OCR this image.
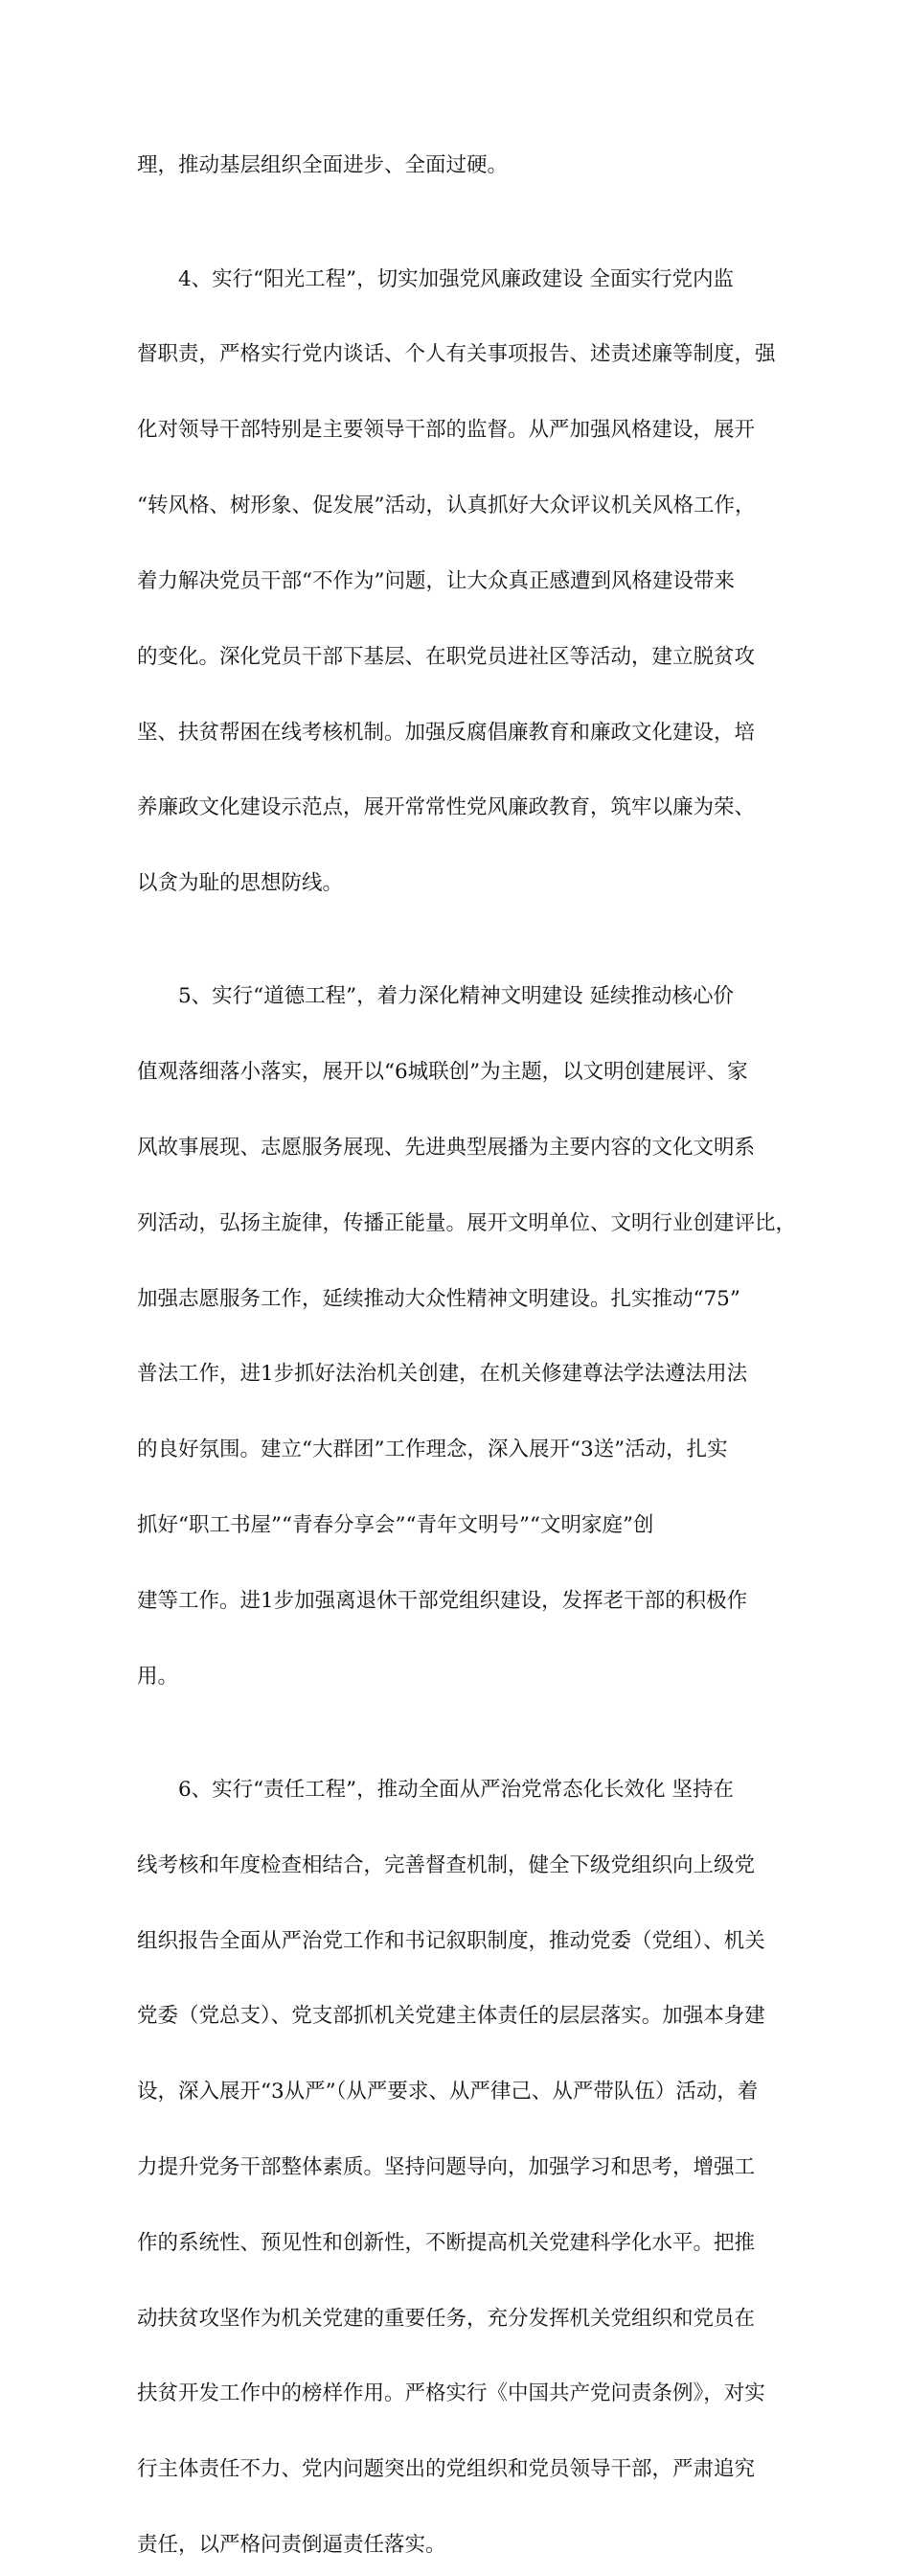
理，推动基层组织全面进步、全面过硬。

　　4、实行“阳光工程”，切实加强党风廉政建设 全面实行党内监

督职责，严格实行党内谈话、个人有关事项报告、述责述廉等制度，强

化对领导干部特别是主要领导干部的监督。从严加强风格建设，展开

“转风格、树形象、促发展”活动，认真抓好大众评议机关风格工作，

着力解决党员干部“不作为”问题，让大众真正感遭到风格建设带来

的变化。深化党员干部下基层、在职党员进社区等活动，建立脱贫攻

坚、扶贫帮困在线考核机制。加强反腐倡廉教育和廉政文化建设，培

养廉政文化建设示范点，展开常常性党风廉政教育，筑牢以廉为荣、

以贪为耻的思想防线。

　　5、实行“道德工程”，着力深化精神文明建设 延续推动核心价

值观落细落小落实，展开以“6城联创”为主题，以文明创建展评、家

风故事展现、志愿服务展现、先进典型展播为主要内容的文化文明系

列活动，弘扬主旋律，传播正能量。展开文明单位、文明行业创建评比，

加强志愿服务工作，延续推动大众性精神文明建设。扎实推动“75”

普法工作，进1步抓好法治机关创建，在机关修建尊法学法遵法用法

的良好氛围。建立“大群团”工作理念，深入展开“3送”活动，扎实

抓好“职工书屋”“青春分享会”“青年文明号”“文明家庭”创

建等工作。进1步加强离退休干部党组织建设，发挥老干部的积极作

用。

　　6、实行“责任工程”，推动全面从严治党常态化长效化 坚持在

线考核和年度检查相结合，完善督查机制，健全下级党组织向上级党

组织报告全面从严治党工作和书记叙职制度，推动党委（党组）、机关

党委（党总支）、党支部抓机关党建主体责任的层层落实。加强本身建

设，深入展开“3从严”（从严要求、从严律己、从严带队伍）活动，着

力提升党务干部整体素质。坚持问题导向，加强学习和思考，增强工

作的系统性、预见性和创新性，不断提高机关党建科学化水平。把推

动扶贫攻坚作为机关党建的重要任务，充分发挥机关党组织和党员在

扶贫开发工作中的榜样作用。严格实行《中国共产党问责条例》，对实

行主体责任不力、党内问题突出的党组织和党员领导干部，严肃追究

责任，以严格问责倒逼责任落实。
